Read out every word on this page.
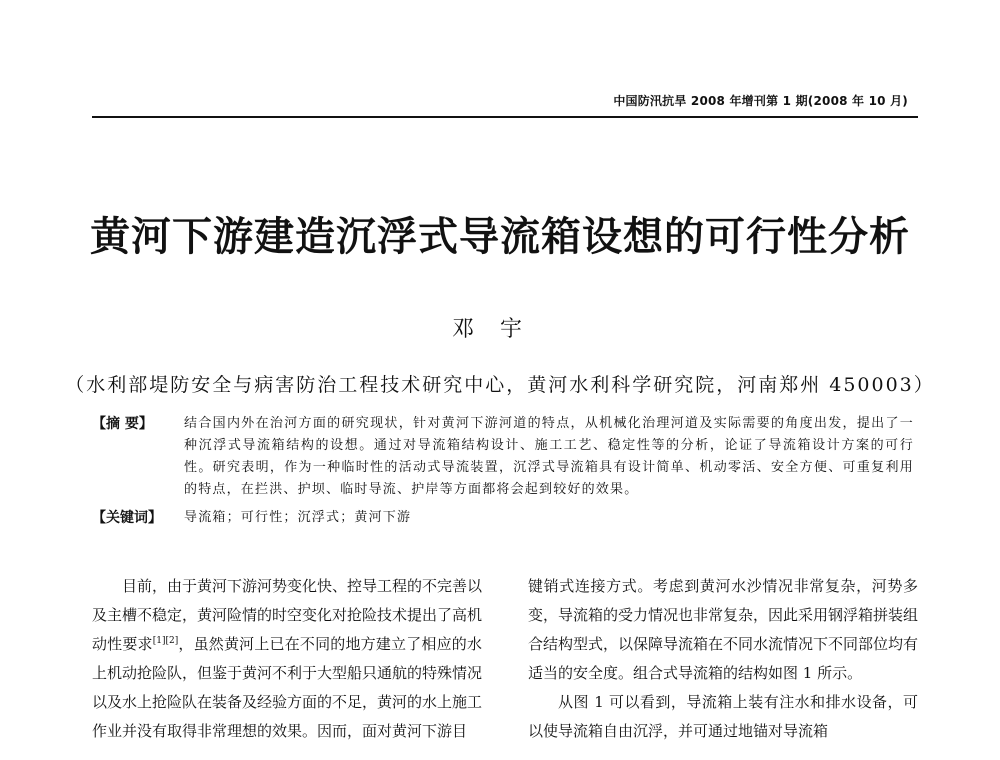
中国防汛抗旱 2008 年增刊第 1 期(2008 年 10 月)
黄河下游建造沉浮式导流箱设想的可行性分析
邓宇
（水利部堤防安全与病害防治工程技术研究中心，黄河水利科学研究院，河南郑州 450003）
【摘 要】	结合国内外在治河方面的研究现状，针对黄河下游河道的特点，从机械化治理河道及实际需要的角度出发，提出了一种沉浮式导流箱结构的设想。通过对导流箱结构设计、施工工艺、稳定性等的分析，论证了导流箱设计方案的可行性。研究表明，作为一种临时性的活动式导流装置，沉浮式导流箱具有设计简单、机动零活、安全方便、可重复利用的特点，在拦洪、护坝、临时导流、护岸等方面都将会起到较好的效果。
【关键词】	导流箱；可行性；沉浮式；黄河下游

目前，由于黄河下游河势变化快、控导工程的不完善以及主槽不稳定，黄河险情的时空变化对抢险技术提出了高机动性要求[1][2]，虽然黄河上已在不同的地方建立了相应的水上机动抢险队，但鉴于黄河不利于大型船只通航的特殊情况以及水上抢险队在装备及经验方面的不足，黄河的水上施工作业并没有取得非常理想的效果。因而，面对黄河下游目

键销式连接方式。考虑到黄河水沙情况非常复杂，河势多变，导流箱的受力情况也非常复杂，因此采用钢浮箱拼装组合结构型式，以保障导流箱在不同水流情况下不同部位均有适当的安全度。组合式导流箱的结构如图 1 所示。

从图 1 可以看到，导流箱上装有注水和排水设备，可以使导流箱自由沉浮，并可通过地锚对导流箱
